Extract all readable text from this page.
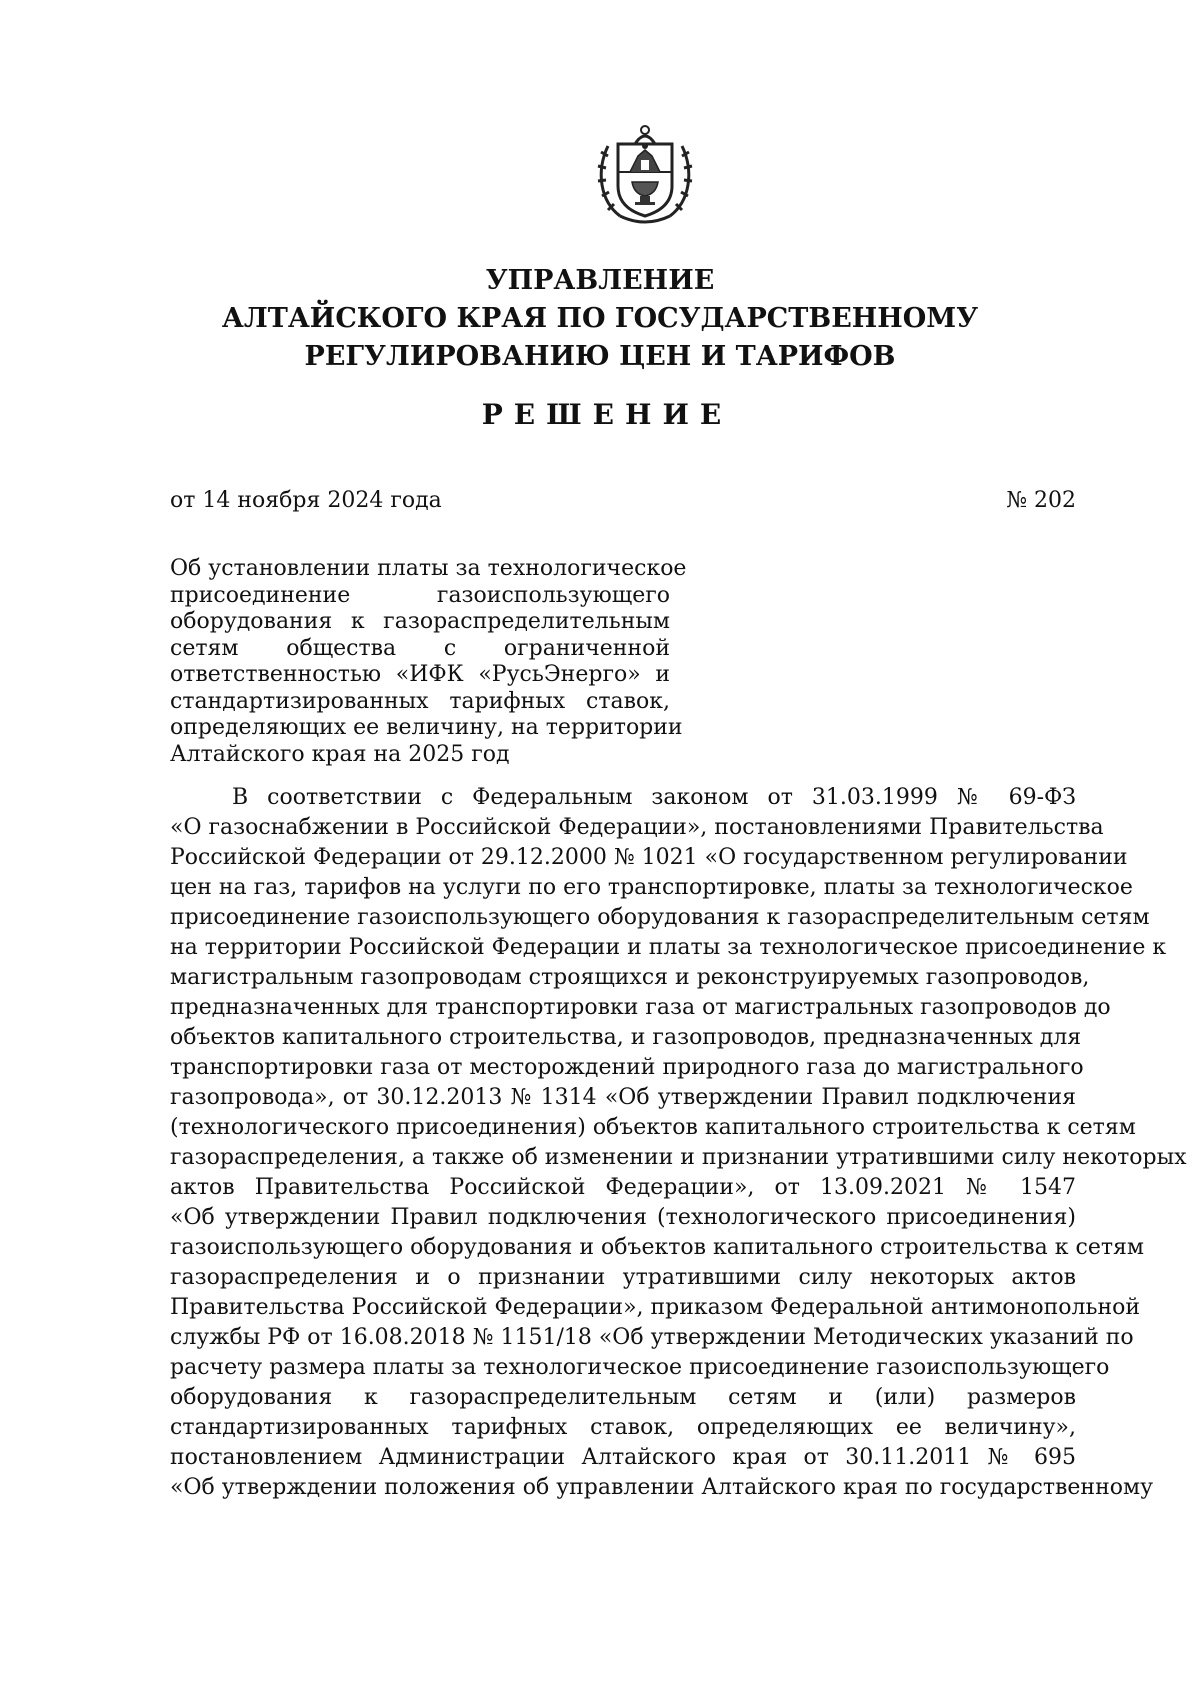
УПРАВЛЕНИЕ
АЛТАЙСКОГО КРАЯ ПО ГОСУДАРСТВЕННОМУ
РЕГУЛИРОВАНИЮ ЦЕН И ТАРИФОВ
РЕШЕНИЕ
от 14 ноября 2024 года	№ 202
Об установлении платы за технологическое
присоединение газоиспользующего
оборудования к газораспределительным
сетям общества с ограниченной
ответственностью «ИФК «РусьЭнерго» и
стандартизированных тарифных ставок,
определяющих ее величину, на территории
Алтайского края на 2025 год
В соответствии с Федеральным законом от 31.03.1999 № 69-ФЗ
«О газоснабжении в Российской Федерации», постановлениями Правительства
Российской Федерации от 29.12.2000 № 1021 «О государственном регулировании
цен на газ, тарифов на услуги по его транспортировке, платы за технологическое
присоединение газоиспользующего оборудования к газораспределительным сетям
на территории Российской Федерации и платы за технологическое присоединение к
магистральным газопроводам строящихся и реконструируемых газопроводов,
предназначенных для транспортировки газа от магистральных газопроводов до
объектов капитального строительства, и газопроводов, предназначенных для
транспортировки газа от месторождений природного газа до магистрального
газопровода», от 30.12.2013 № 1314 «Об утверждении Правил подключения
(технологического присоединения) объектов капитального строительства к сетям
газораспределения, а также об изменении и признании утратившими силу некоторых
актов Правительства Российской Федерации», от 13.09.2021 № 1547
«Об утверждении Правил подключения (технологического присоединения)
газоиспользующего оборудования и объектов капитального строительства к сетям
газораспределения и о признании утратившими силу некоторых актов
Правительства Российской Федерации», приказом Федеральной антимонопольной
службы РФ от 16.08.2018 № 1151/18 «Об утверждении Методических указаний по
расчету размера платы за технологическое присоединение газоиспользующего
оборудования к газораспределительным сетям и (или) размеров
стандартизированных тарифных ставок, определяющих ее величину»,
постановлением Администрации Алтайского края от 30.11.2011 № 695
«Об утверждении положения об управлении Алтайского края по государственному
